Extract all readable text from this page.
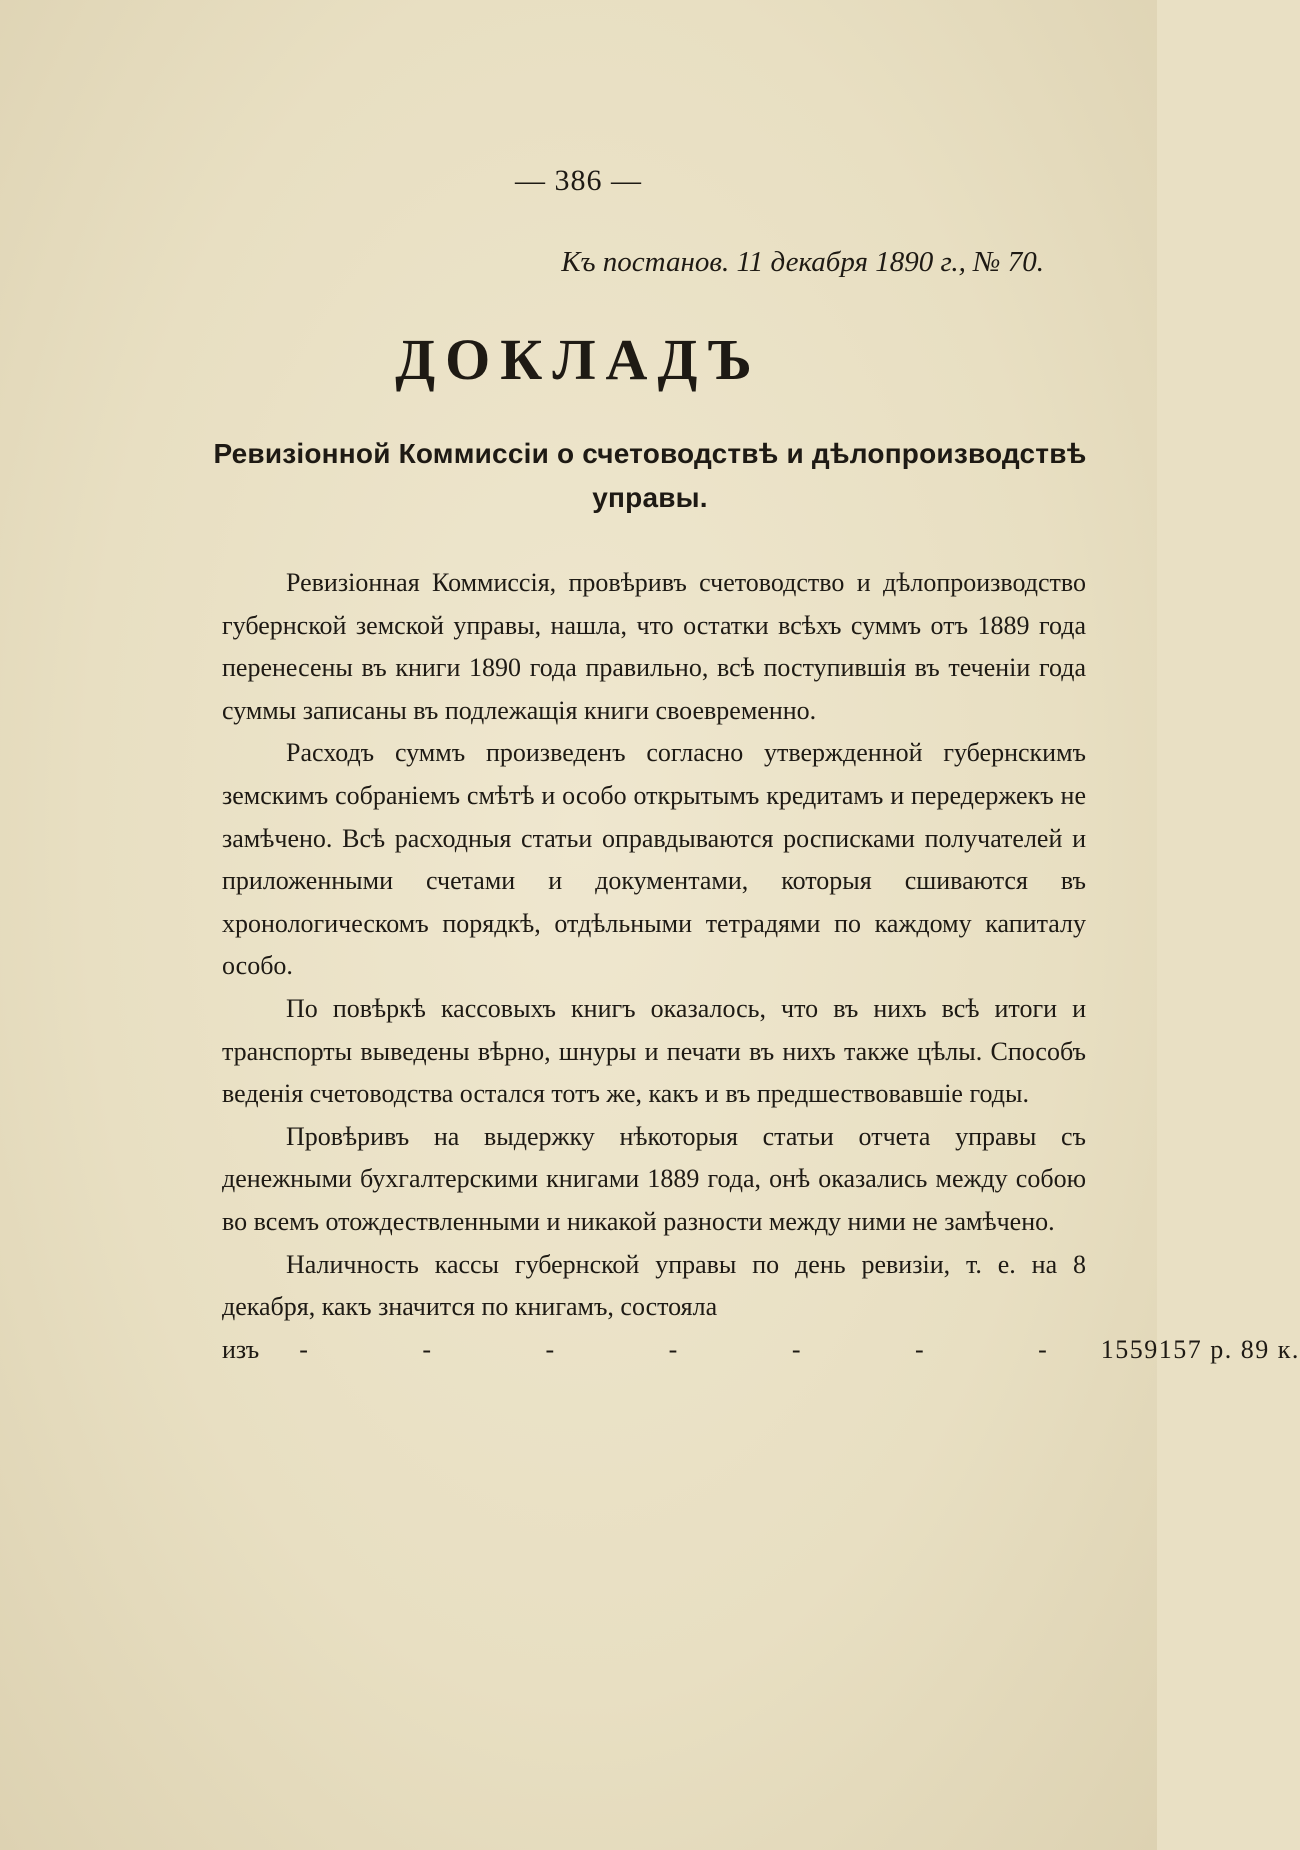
— 386 —
Къ постанов. 11 декабря 1890 г., № 70.
ДОКЛАДЪ
Ревизіонной Коммиссіи о счетоводствѣ и дѣлопроизводствѣ управы.

Ревизіонная Коммиссія, провѣривъ счетоводство и дѣлопроизводство губернской земской управы, нашла, что остатки всѣхъ суммъ отъ 1889 года перенесены въ книги 1890 года правильно, всѣ поступившія въ теченіи года суммы записаны въ подлежащія книги своевременно.

Расходъ суммъ произведенъ согласно утвержденной губернскимъ земскимъ собраніемъ смѣтѣ и особо открытымъ кредитамъ и передержекъ не замѣчено. Всѣ расходныя статьи оправдываются росписками получателей и приложенными счетами и документами, которыя сшиваются въ хронологическомъ порядкѣ, отдѣльными тетрадями по каждому капиталу особо.

По повѣркѣ кассовыхъ книгъ оказалось, что въ нихъ всѣ итоги и транспорты выведены вѣрно, шнуры и печати въ нихъ также цѣлы. Способъ веденія счетоводства остался тотъ же, какъ и въ предшествовавшіе годы.

Провѣривъ на выдержку нѣкоторыя статьи отчета управы съ денежными бухгалтерскими книгами 1889 года, онѣ оказались между собою во всемъ отождествленными и никакой разности между ними не замѣчено.

Наличность кассы губернской управы по день ревизіи, т. е. на 8 декабря, какъ значится по книгамъ, состояла

изъ	- - - - - - - 1559157 р. 89 к.
